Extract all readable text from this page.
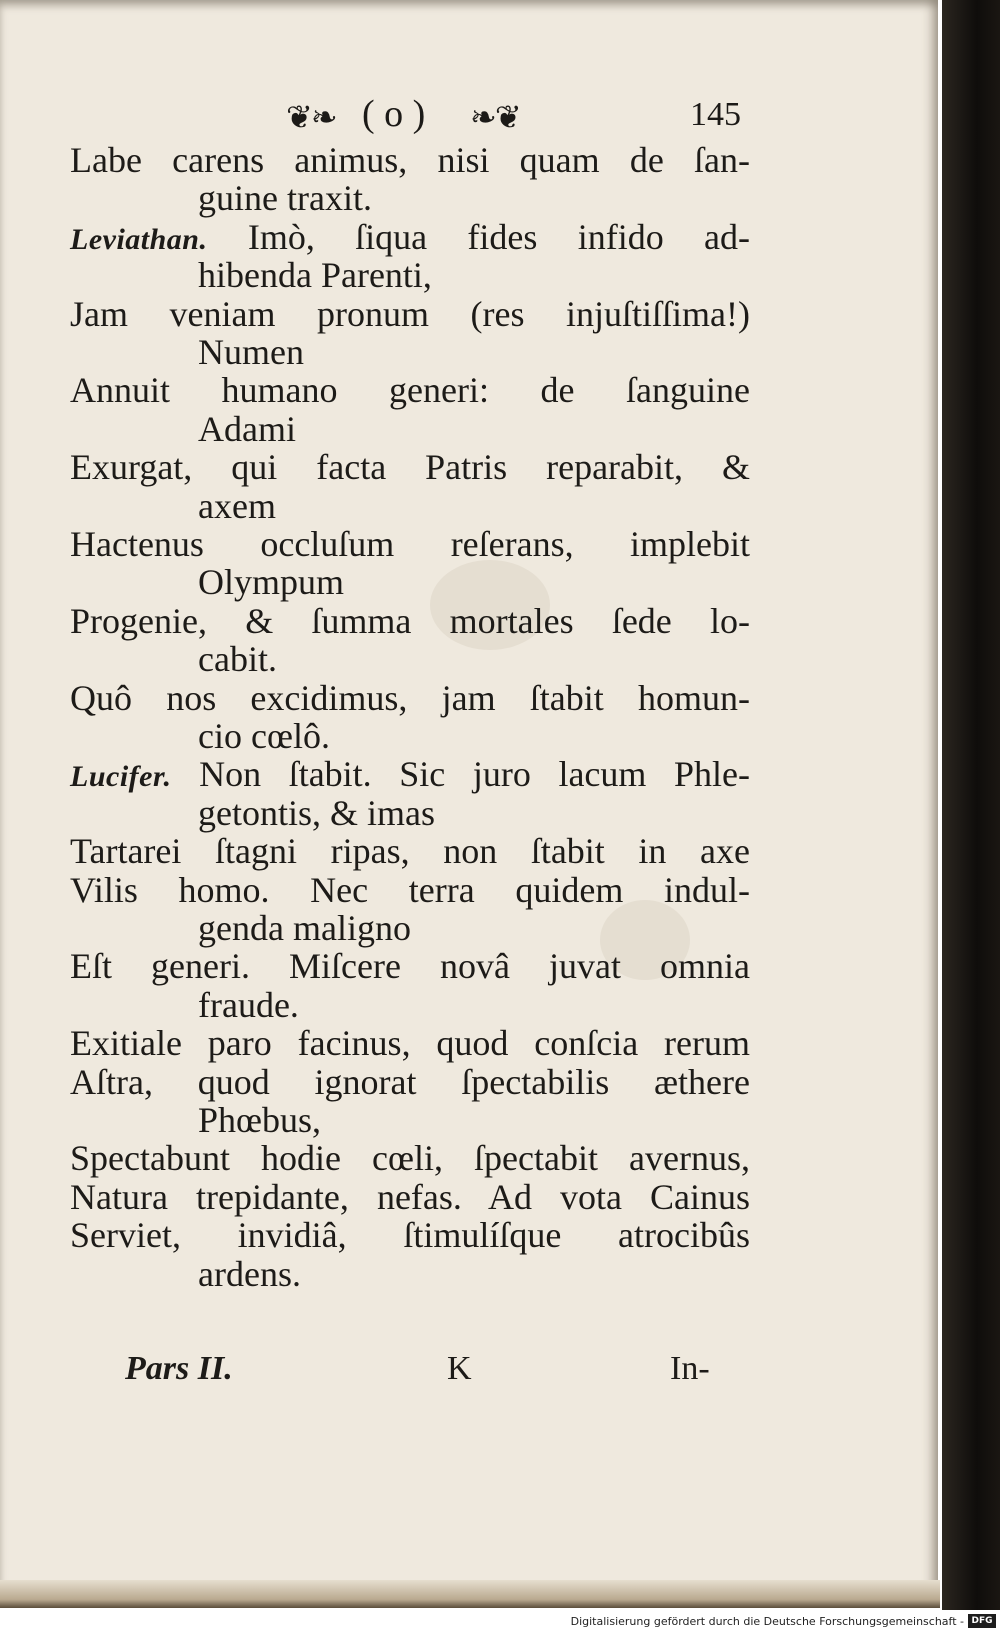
❦❧ ( o ) ❧❦	145
Labe carens animus, nisi quam de ſan-
guine traxit.
Leviathan. Imò, ſiqua fides infido ad-
hibenda Parenti,
Jam veniam pronum (res injuſtiſſima!)
Numen
Annuit humano generi: de ſanguine
Adami
Exurgat, qui facta Patris reparabit, &
axem
Hactenus occluſum reſerans, implebit
Olympum
Progenie, & ſumma mortales ſede lo-
cabit.
Quô nos excidimus, jam ſtabit homun-
cio cœlô.
Lucifer. Non ſtabit. Sic juro lacum Phle-
getontis, & imas
Tartarei ſtagni ripas, non ſtabit in axe
Vilis homo. Nec terra quidem indul-
genda maligno
Eſt generi. Miſcere novâ juvat omnia
fraude.
Exitiale paro facinus, quod conſcia rerum
Aſtra, quod ignorat ſpectabilis æthere
Phœbus,
Spectabunt hodie cœli, ſpectabit avernus,
Natura trepidante, nefas. Ad vota Cainus
Serviet, invidiâ, ſtimulíſque atrocibûs
ardens.
Pars II.	K	In-
Digitalisierung gefördert durch die Deutsche Forschungsgemeinschaft - DFG
